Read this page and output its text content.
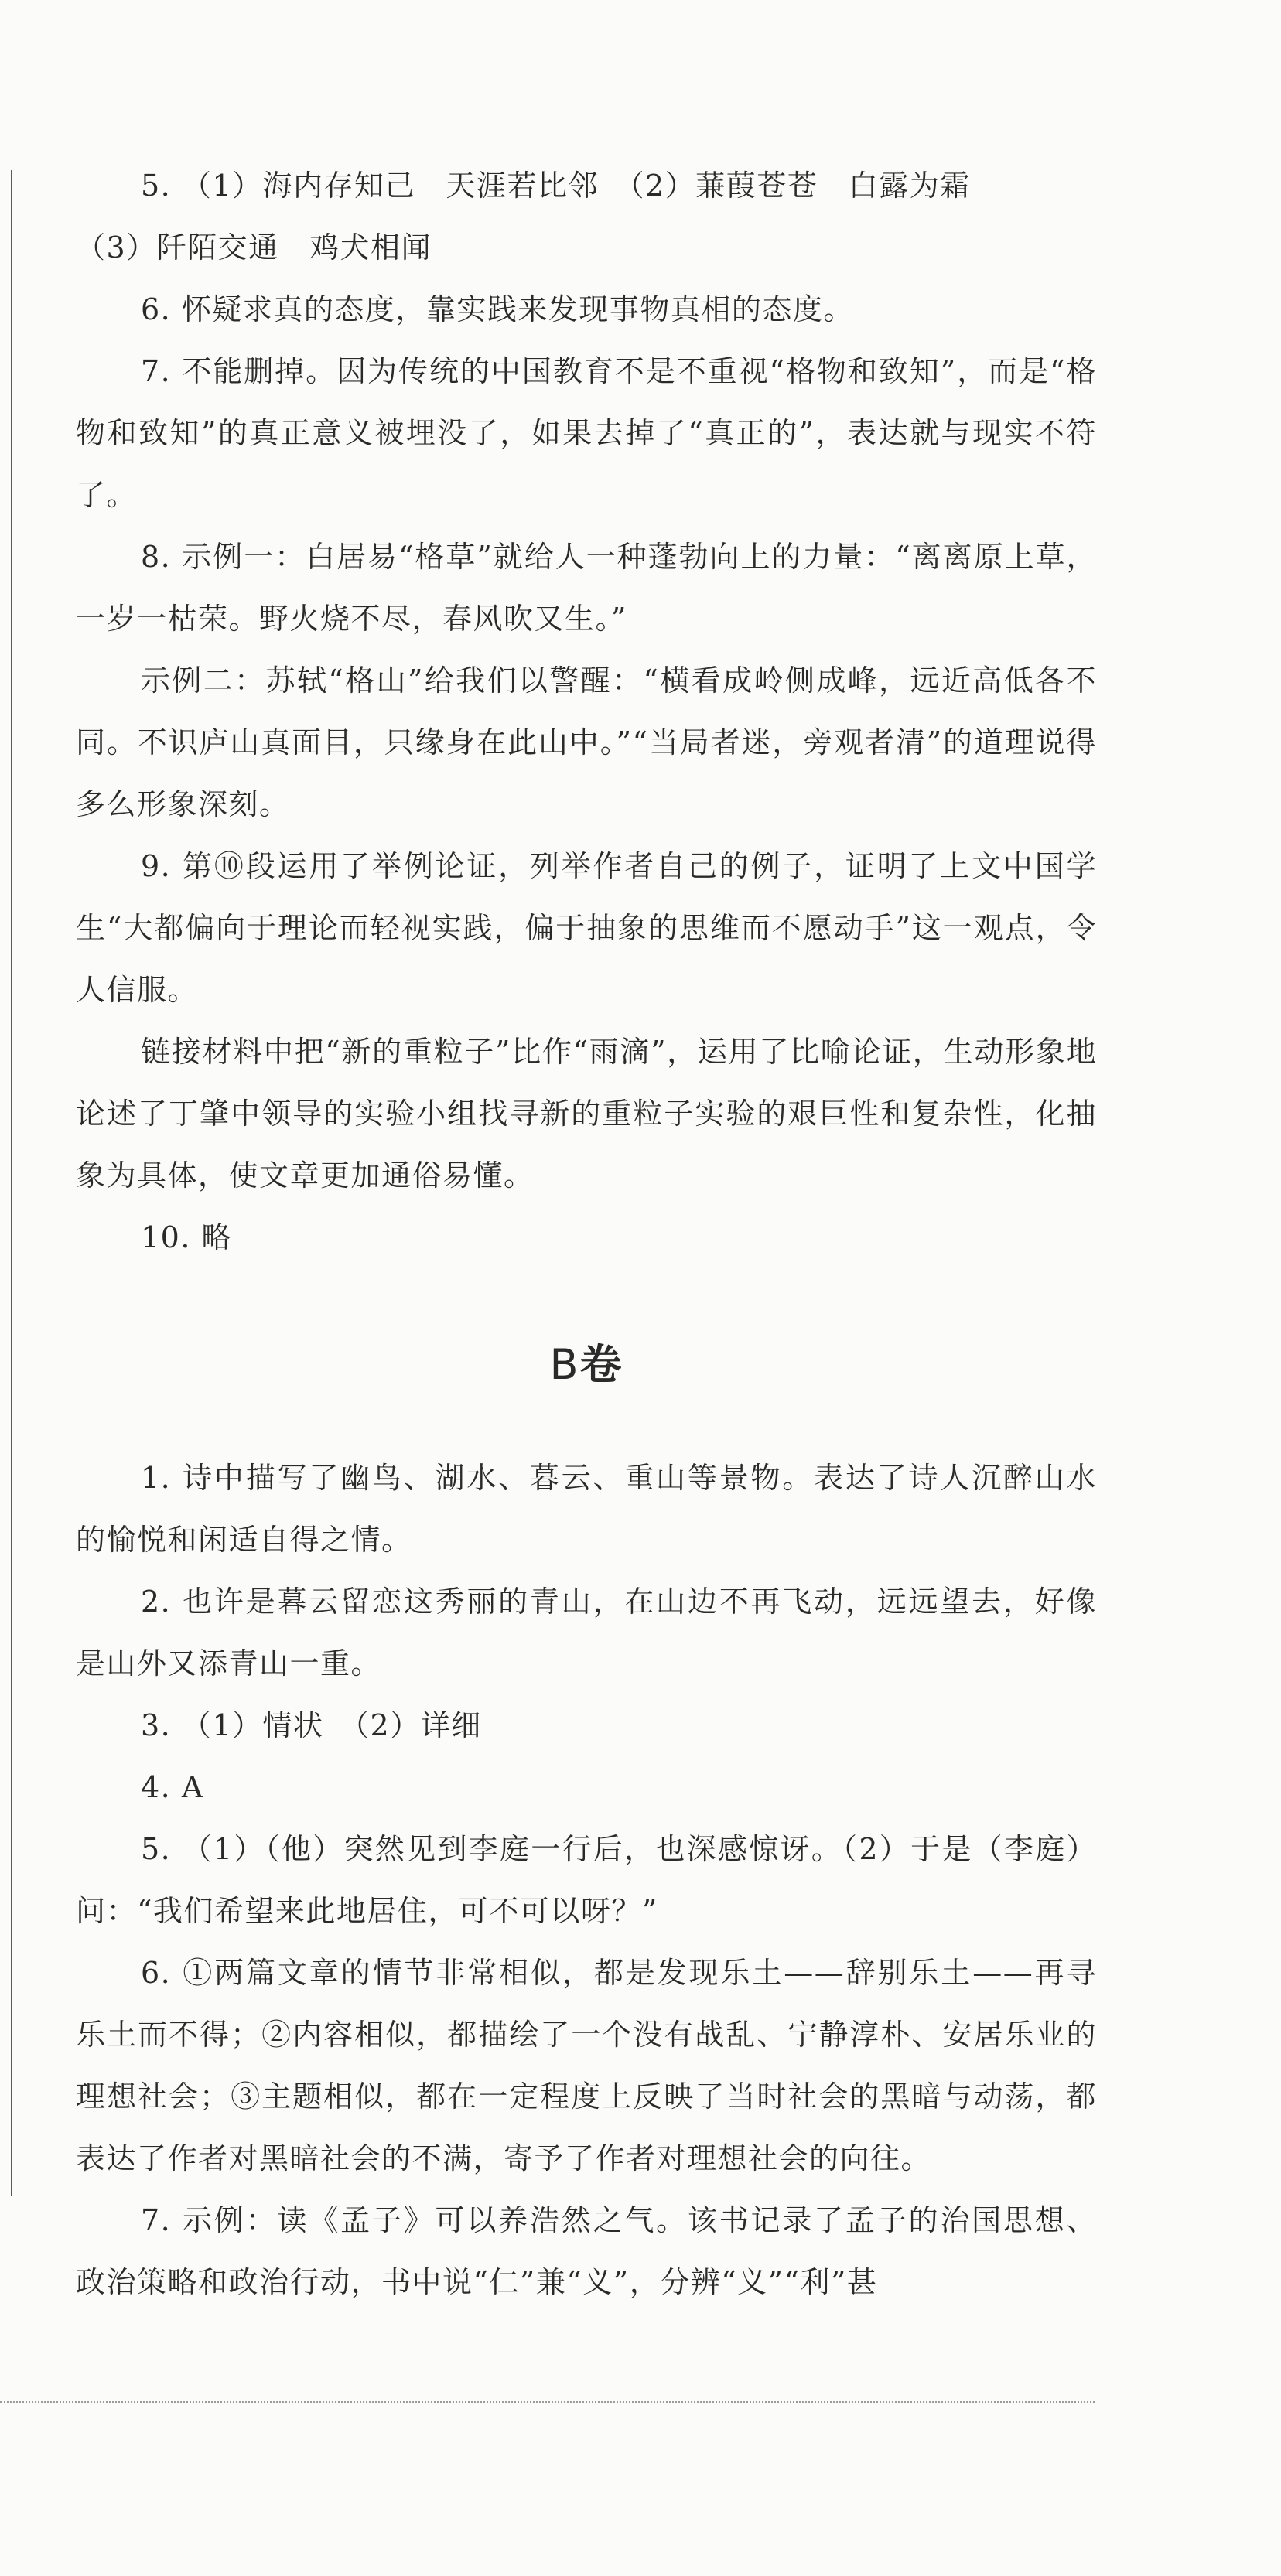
5. （1）海内存知己　天涯若比邻　（2）蒹葭苍苍　白露为霜

（3）阡陌交通　鸡犬相闻

6. 怀疑求真的态度，靠实践来发现事物真相的态度。

7. 不能删掉。因为传统的中国教育不是不重视“格物和致知”，而是“格物和致知”的真正意义被埋没了，如果去掉了“真正的”，表达就与现实不符了。

8. 示例一：白居易“格草”就给人一种蓬勃向上的力量：“离离原上草，一岁一枯荣。野火烧不尽，春风吹又生。”

示例二：苏轼“格山”给我们以警醒：“横看成岭侧成峰，远近高低各不同。不识庐山真面目，只缘身在此山中。”“当局者迷，旁观者清”的道理说得多么形象深刻。

9. 第⑩段运用了举例论证，列举作者自己的例子，证明了上文中国学生“大都偏向于理论而轻视实践，偏于抽象的思维而不愿动手”这一观点，令人信服。

链接材料中把“新的重粒子”比作“雨滴”，运用了比喻论证，生动形象地论述了丁肇中领导的实验小组找寻新的重粒子实验的艰巨性和复杂性，化抽象为具体，使文章更加通俗易懂。

10. 略

B卷

1. 诗中描写了幽鸟、湖水、暮云、重山等景物。表达了诗人沉醉山水的愉悦和闲适自得之情。

2. 也许是暮云留恋这秀丽的青山，在山边不再飞动，远远望去，好像是山外又添青山一重。

3. （1）情状　（2）详细

4. A

5. （1）（他）突然见到李庭一行后，也深感惊讶。（2）于是（李庭）问：“我们希望来此地居住，可不可以呀？”

6. ①两篇文章的情节非常相似，都是发现乐土——辞别乐土——再寻乐土而不得；②内容相似，都描绘了一个没有战乱、宁静淳朴、安居乐业的理想社会；③主题相似，都在一定程度上反映了当时社会的黑暗与动荡，都表达了作者对黑暗社会的不满，寄予了作者对理想社会的向往。

7. 示例：读《孟子》可以养浩然之气。该书记录了孟子的治国思想、政治策略和政治行动，书中说“仁”兼“义”，分辨“义”“利”甚
